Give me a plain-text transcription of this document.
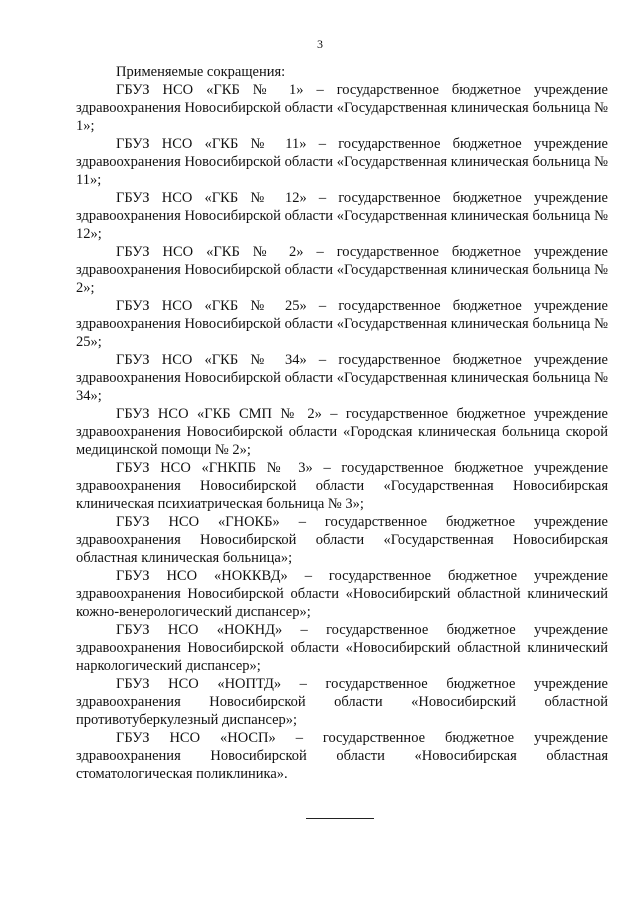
3

Применяемые сокращения:

ГБУЗ НСО «ГКБ № 1» – государственное бюджетное учреждение здравоохранения Новосибирской области «Государственная клиническая больница № 1»;

ГБУЗ НСО «ГКБ № 11» – государственное бюджетное учреждение здравоохранения Новосибирской области «Государственная клиническая больница № 11»;

ГБУЗ НСО «ГКБ № 12» – государственное бюджетное учреждение здравоохранения Новосибирской области «Государственная клиническая больница № 12»;

ГБУЗ НСО «ГКБ № 2» – государственное бюджетное учреждение здравоохранения Новосибирской области «Государственная клиническая больница № 2»;

ГБУЗ НСО «ГКБ № 25» – государственное бюджетное учреждение здравоохранения Новосибирской области «Государственная клиническая больница № 25»;

ГБУЗ НСО «ГКБ № 34» – государственное бюджетное учреждение здравоохранения Новосибирской области «Государственная клиническая больница № 34»;

ГБУЗ НСО «ГКБ СМП № 2» – государственное бюджетное учреждение здравоохранения Новосибирской области «Городская клиническая больница скорой медицинской помощи № 2»;

ГБУЗ НСО «ГНКПБ № 3» – государственное бюджетное учреждение здравоохранения Новосибирской области «Государственная Новосибирская клиническая психиатрическая больница № 3»;

ГБУЗ НСО «ГНОКБ» – государственное бюджетное учреждение здравоохранения Новосибирской области «Государственная Новосибирская областная клиническая больница»;

ГБУЗ НСО «НОККВД» – государственное бюджетное учреждение здравоохранения Новосибирской области «Новосибирский областной клинический кожно-венерологический диспансер»;

ГБУЗ НСО «НОКНД» – государственное бюджетное учреждение здравоохранения Новосибирской области «Новосибирский областной клинический наркологический диспансер»;

ГБУЗ НСО «НОПТД» – государственное бюджетное учреждение здравоохранения Новосибирской области «Новосибирский областной противотуберкулезный диспансер»;

ГБУЗ НСО «НОСП» – государственное бюджетное учреждение здравоохранения Новосибирской области «Новосибирская областная стоматологическая поликлиника».
